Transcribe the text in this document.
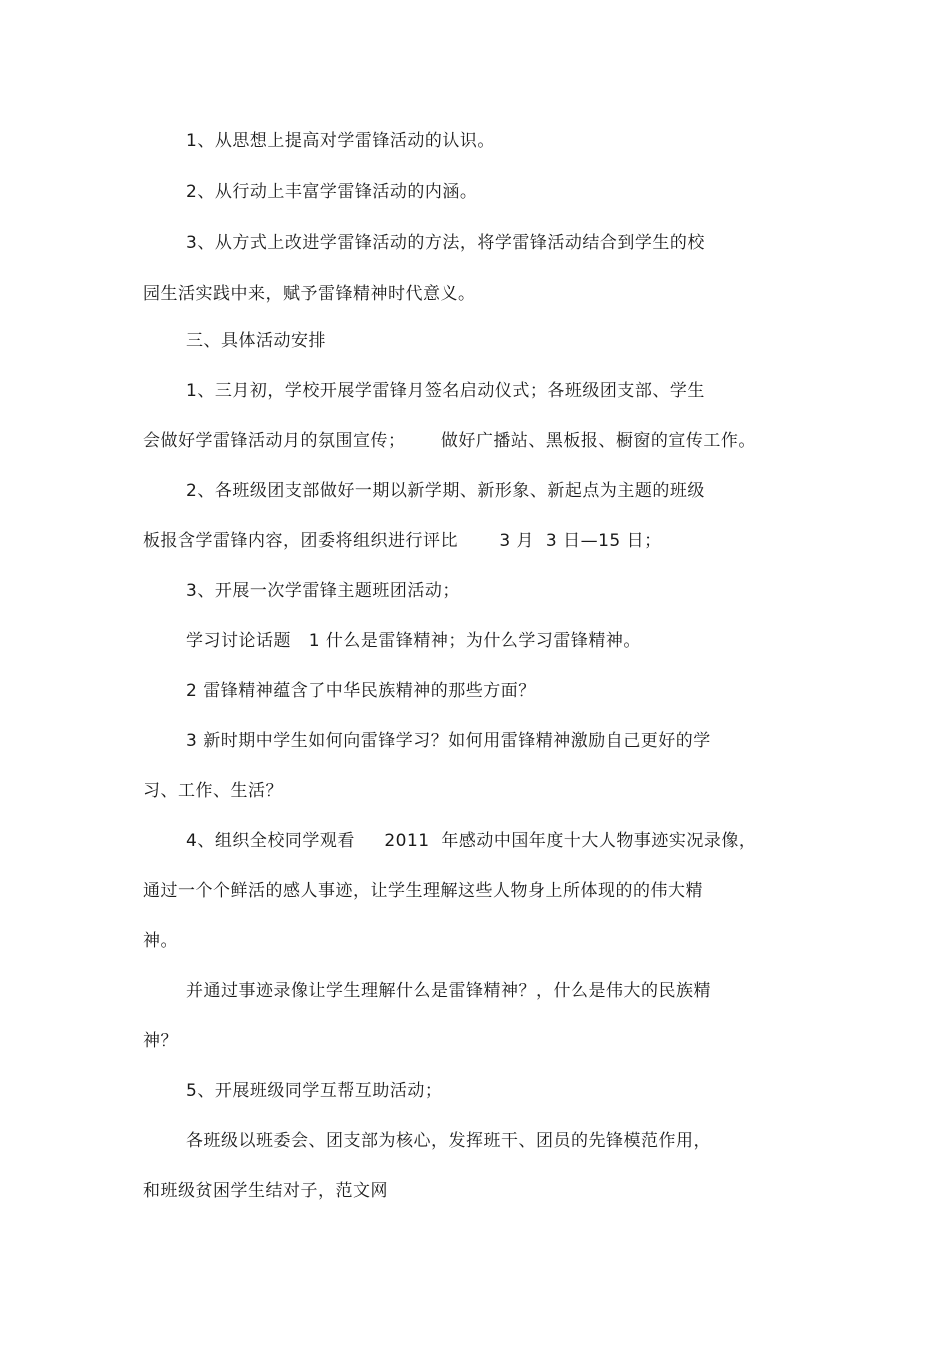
1、从思想上提高对学雷锋活动的认识。
2、从行动上丰富学雷锋活动的内涵。
3、从方式上改进学雷锋活动的方法，将学雷锋活动结合到学生的校
园生活实践中来，赋予雷锋精神时代意义。
三、具体活动安排
1、三月初，学校开展学雷锋月签名启动仪式；各班级团支部、学生
会做好学雷锋活动月的氛围宣传；      做好广播站、黑板报、橱窗的宣传工作。
2、各班级团支部做好一期以新学期、新形象、新起点为主题的班级
板报含学雷锋内容，团委将组织进行评比       3 月  3 日—15 日；
3、开展一次学雷锋主题班团活动；
学习讨论话题   1 什么是雷锋精神；为什么学习雷锋精神。
2 雷锋精神蕴含了中华民族精神的那些方面？
3 新时期中学生如何向雷锋学习？如何用雷锋精神激励自己更好的学
习、工作、生活？
4、组织全校同学观看     2011  年感动中国年度十大人物事迹实况录像，
通过一个个鲜活的感人事迹，让学生理解这些人物身上所体现的的伟大精
神。
并通过事迹录像让学生理解什么是雷锋精神？，什么是伟大的民族精
神？
5、开展班级同学互帮互助活动；
各班级以班委会、团支部为核心，发挥班干、团员的先锋模范作用，
和班级贫困学生结对子，范文网
